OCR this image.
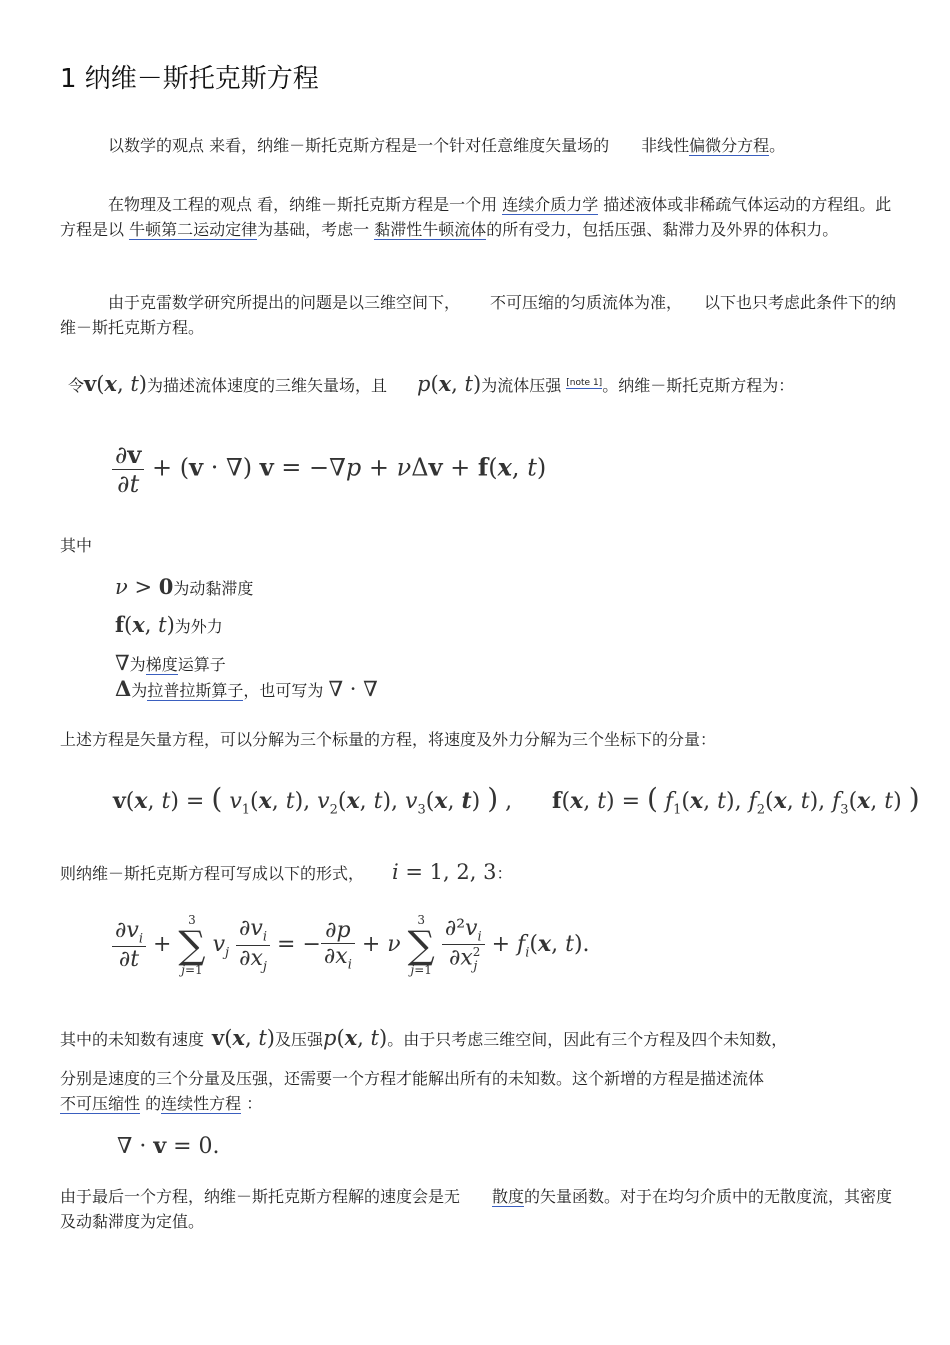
1 纳维－斯托克斯方程
以数学的观点 来看，纳维－斯托克斯方程是一个针对任意维度矢量场的 非线性偏微分方程。
在物理及工程的观点 看，纳维－斯托克斯方程是一个用 连续介质力学 描述液体或非稀疏气体运动的方程组。此方程是以 牛顿第二运动定律为基础，考虑一 黏滞性牛顿流体的所有受力，包括压强、黏滞力及外界的体积力。
由于克雷数学研究所提出的问题是以三维空间下， 不可压缩的匀质流体为准， 以下也只考虑此条件下的纳维－斯托克斯方程。
令v(x, t)为描述流体速度的三维矢量场，且 p(x, t)为流体压强 [note 1]。纳维－斯托克斯方程为：
$\frac{\partial v}{\partial t} + (v$ · ∇) v = −∇p + νΔv + f(x, t)
其中
ν > 0为动黏滞度
f(x, t)为外力
∇为梯度运算子
Δ为拉普拉斯算子，也可写为 ∇ · ∇
上述方程是矢量方程，可以分解为三个标量的方程，将速度及外力分解为三个坐标下的分量：
v(x, t) = ( $v_1(x$, t), $v_2(x$, t), $v_3(x$, t) ) , f(x, t) = ( $f_1(x$, t), $f_2(x$, t), $f_3(x$, t) )
则纳维－斯托克斯方程可写成以下的形式， i = 1, 2, 3：
$\frac{\partial v_i}{\partial t} + 3$
∑
j=1 $v_j \frac{\partial v_i}{\partial x_j}$ = − $\frac{\partial p}{\partial x_i} + \nu$ 3
∑
$j=1 \frac{\partial^2v_i}{\partial x^2_j} + f_i(x$, t).
其中的未知数有速度 v(x, t)及压强p(x, t)。由于只考虑三维空间，因此有三个方程及四个未知数，
分别是速度的三个分量及压强，还需要一个方程才能解出所有的未知数。这个新增的方程是描述流体
不可压缩性 的连续性方程 ：
∇ · v = 0.
由于最后一个方程，纳维－斯托克斯方程解的速度会是无 散度的矢量函数。对于在均匀介质中的无散度流，其密度及动黏滞度为定值。
